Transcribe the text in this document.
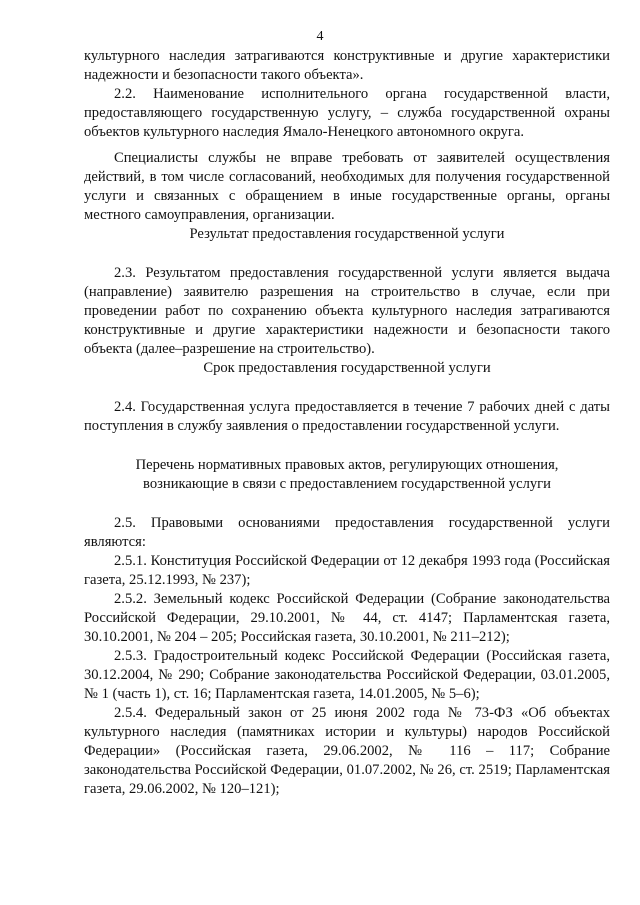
4

культурного наследия затрагиваются конструктивные и другие характеристики надежности и безопасности такого объекта».

2.2. Наименование исполнительного органа государственной власти, предоставляющего государственную услугу, – служба государственной охраны объектов культурного наследия Ямало-Ненецкого автономного округа.

Специалисты службы не вправе требовать от заявителей осуществления действий, в том числе согласований, необходимых для получения государственной услуги и связанных с обращением в иные государственные органы, органы местного самоуправления, организации.

Результат предоставления государственной услуги

2.3. Результатом предоставления государственной услуги является выдача (направление) заявителю разрешения на строительство в случае, если при проведении работ по сохранению объекта культурного наследия затрагиваются конструктивные и другие характеристики надежности и безопасности такого объекта (далее–разрешение на строительство).

Срок предоставления государственной услуги

2.4. Государственная услуга предоставляется в течение 7 рабочих дней с даты поступления в службу заявления о предоставлении государственной услуги.

Перечень нормативных правовых актов, регулирующих отношения,

возникающие в связи с предоставлением государственной услуги

2.5. Правовыми основаниями предоставления государственной услуги являются:

2.5.1. Конституция Российской Федерации от 12 декабря 1993 года (Российская газета, 25.12.1993, № 237);

2.5.2. Земельный кодекс Российской Федерации (Собрание законодательства Российской Федерации, 29.10.2001, № 44, ст. 4147; Парламентская газета, 30.10.2001, № 204 – 205; Российская газета, 30.10.2001, № 211–212);

2.5.3. Градостроительный кодекс Российской Федерации (Российская газета, 30.12.2004, № 290; Собрание законодательства Российской Федерации, 03.01.2005, № 1 (часть 1), ст. 16; Парламентская газета, 14.01.2005, № 5–6);

2.5.4. Федеральный закон от 25 июня 2002 года № 73-ФЗ «Об объектах культурного наследия (памятниках истории и культуры) народов Российской Федерации» (Российская газета, 29.06.2002, № 116 – 117; Собрание законодательства Российской Федерации, 01.07.2002, № 26, ст. 2519; Парламентская газета, 29.06.2002, № 120–121);
